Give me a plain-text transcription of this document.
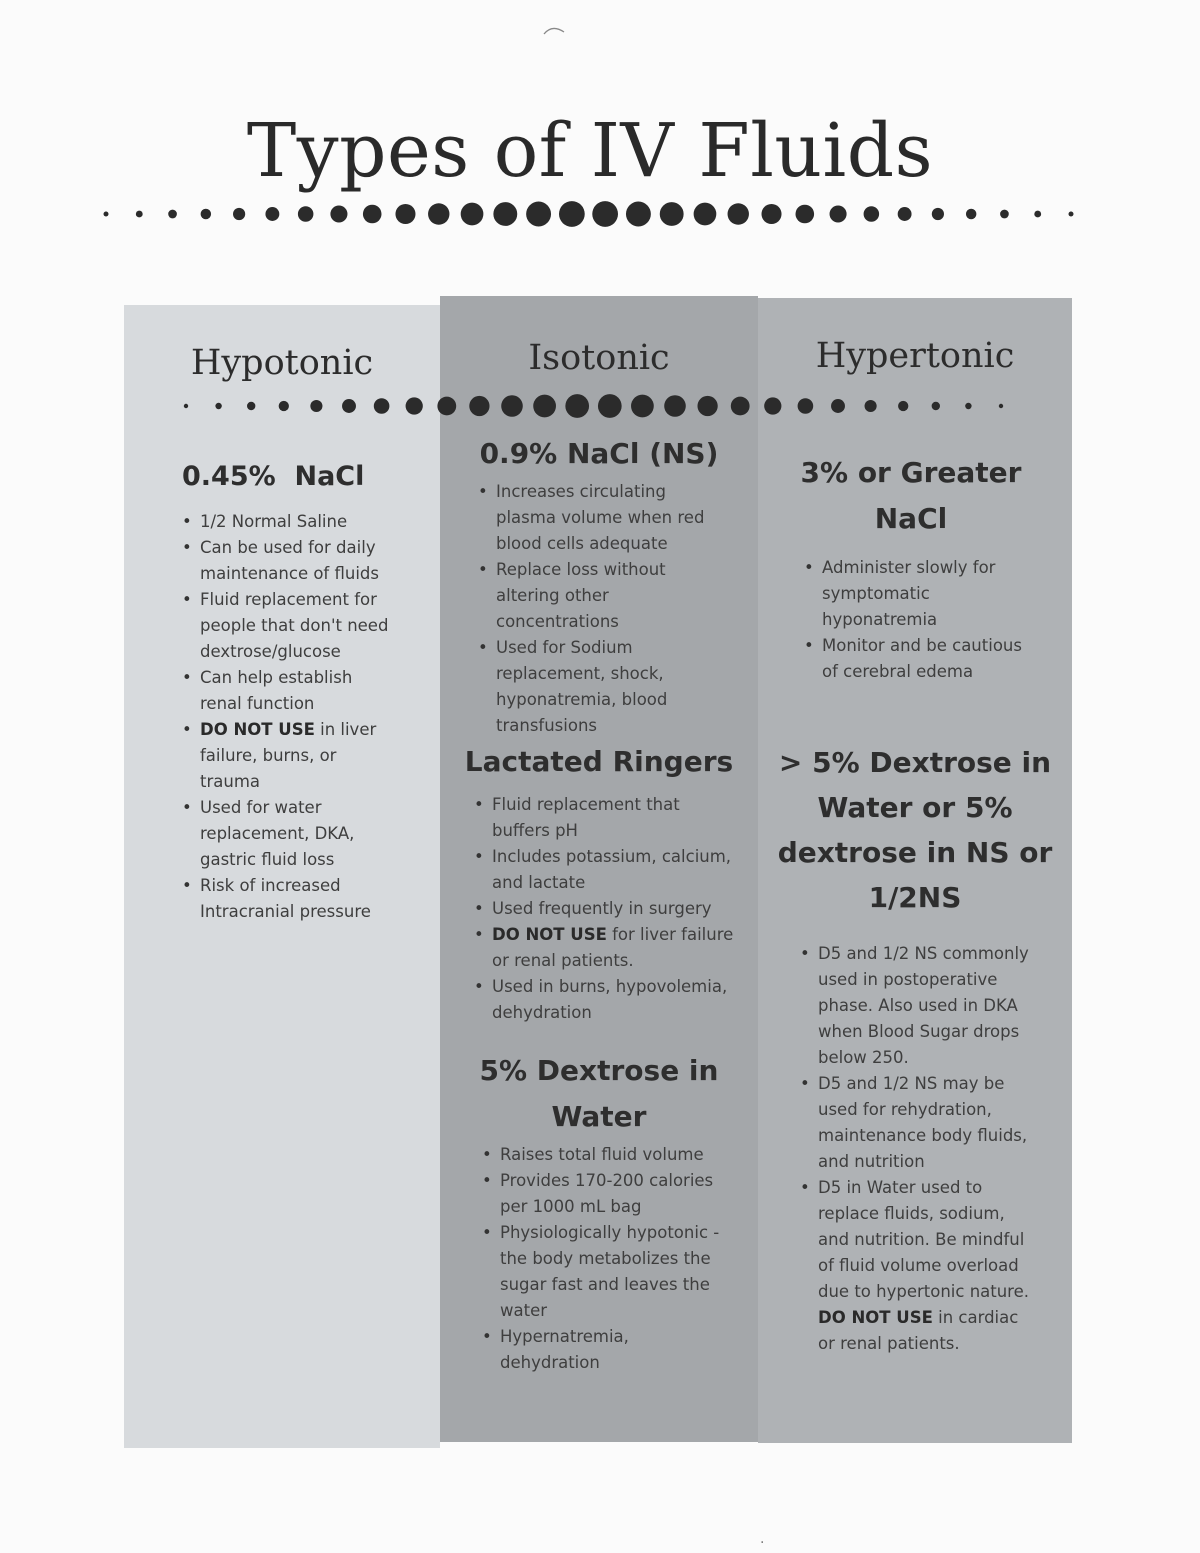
Types of IV Fluids
Hypotonic
0.45%  NaCl
• 1/2 Normal Saline
• Can be used for daily maintenance of fluids
• Fluid replacement for people that don't need dextrose/glucose
• Can help establish renal function
• DO NOT USE in liver failure, burns, or trauma
• Used for water replacement, DKA, gastric fluid loss
• Risk of increased Intracranial pressure
Isotonic
0.9% NaCl (NS)
• Increases circulating plasma volume when red blood cells adequate
• Replace loss without altering other concentrations
• Used for Sodium replacement, shock, hyponatremia, blood transfusions
Lactated Ringers
• Fluid replacement that buffers pH
• Includes potassium, calcium, and lactate
• Used frequently in surgery
• DO NOT USE for liver failure or renal patients.
• Used in burns, hypovolemia, dehydration
5% Dextrose in Water
• Raises total fluid volume
• Provides 170-200 calories per 1000 mL bag
• Physiologically hypotonic - the body metabolizes the sugar fast and leaves the water
• Hypernatremia, dehydration
Hypertonic
3% or Greater NaCl
• Administer slowly for symptomatic hyponatremia
• Monitor and be cautious of cerebral edema
> 5% Dextrose in Water or 5% dextrose in NS or 1/2NS
• D5 and 1/2 NS commonly used in postoperative phase. Also used in DKA when Blood Sugar drops below 250.
• D5 and 1/2 NS may be used for rehydration, maintenance body fluids, and nutrition
• D5 in Water used to replace fluids, sodium, and nutrition. Be mindful of fluid volume overload due to hypertonic nature. DO NOT USE in cardiac or renal patients.
·
